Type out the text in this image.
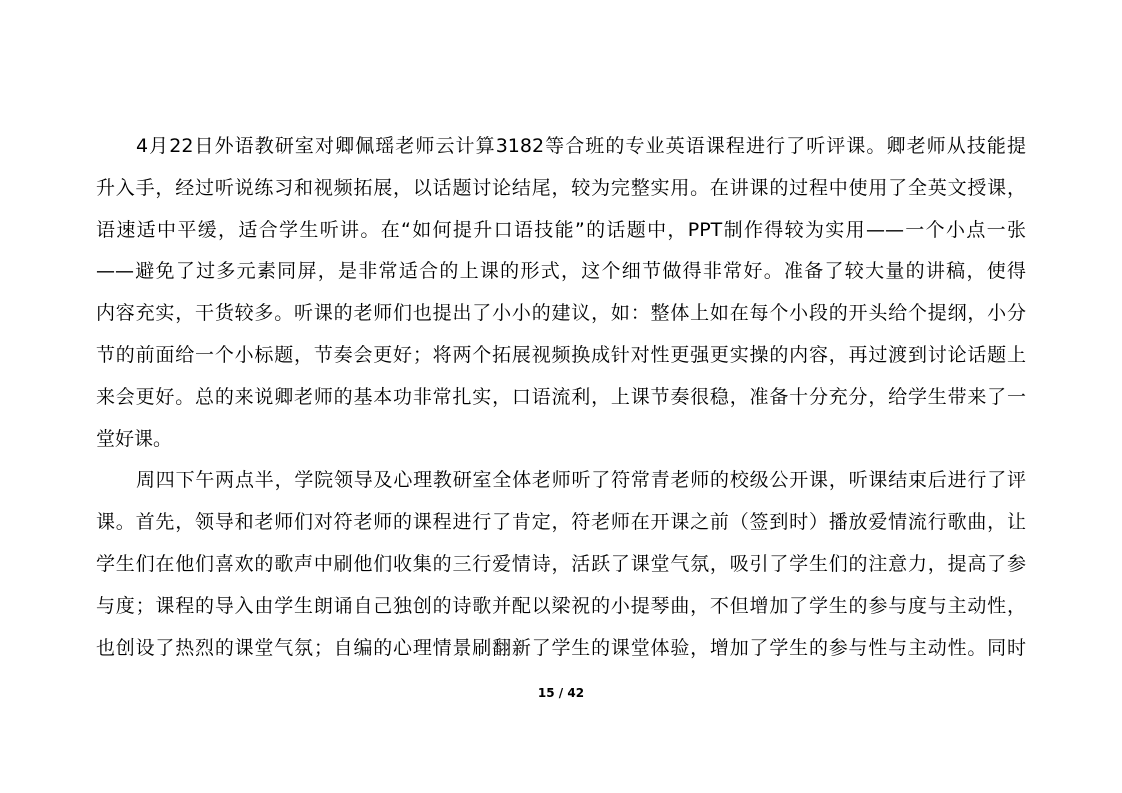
4月22日外语教研室对卿佩瑶老师云计算3182等合班的专业英语课程进行了听评课。卿老师从技能提
升入手，经过听说练习和视频拓展，以话题讨论结尾，较为完整实用。在讲课的过程中使用了全英文授课，
语速适中平缓，适合学生听讲。在“如何提升口语技能”的话题中，PPT制作得较为实用——一个小点一张
——避免了过多元素同屏，是非常适合的上课的形式，这个细节做得非常好。准备了较大量的讲稿，使得
内容充实，干货较多。听课的老师们也提出了小小的建议，如：整体上如在每个小段的开头给个提纲，小分
节的前面给一个小标题，节奏会更好；将两个拓展视频换成针对性更强更实操的内容，再过渡到讨论话题上
来会更好。总的来说卿老师的基本功非常扎实，口语流利，上课节奏很稳，准备十分充分，给学生带来了一
堂好课。
周四下午两点半，学院领导及心理教研室全体老师听了符常青老师的校级公开课，听课结束后进行了评
课。首先，领导和老师们对符老师的课程进行了肯定，符老师在开课之前（签到时）播放爱情流行歌曲，让
学生们在他们喜欢的歌声中刷他们收集的三行爱情诗，活跃了课堂气氛，吸引了学生们的注意力，提高了参
与度；课程的导入由学生朗诵自己独创的诗歌并配以梁祝的小提琴曲，不但增加了学生的参与度与主动性，
也创设了热烈的课堂气氛；自编的心理情景刷翻新了学生的课堂体验，增加了学生的参与性与主动性。同时
15 / 42
